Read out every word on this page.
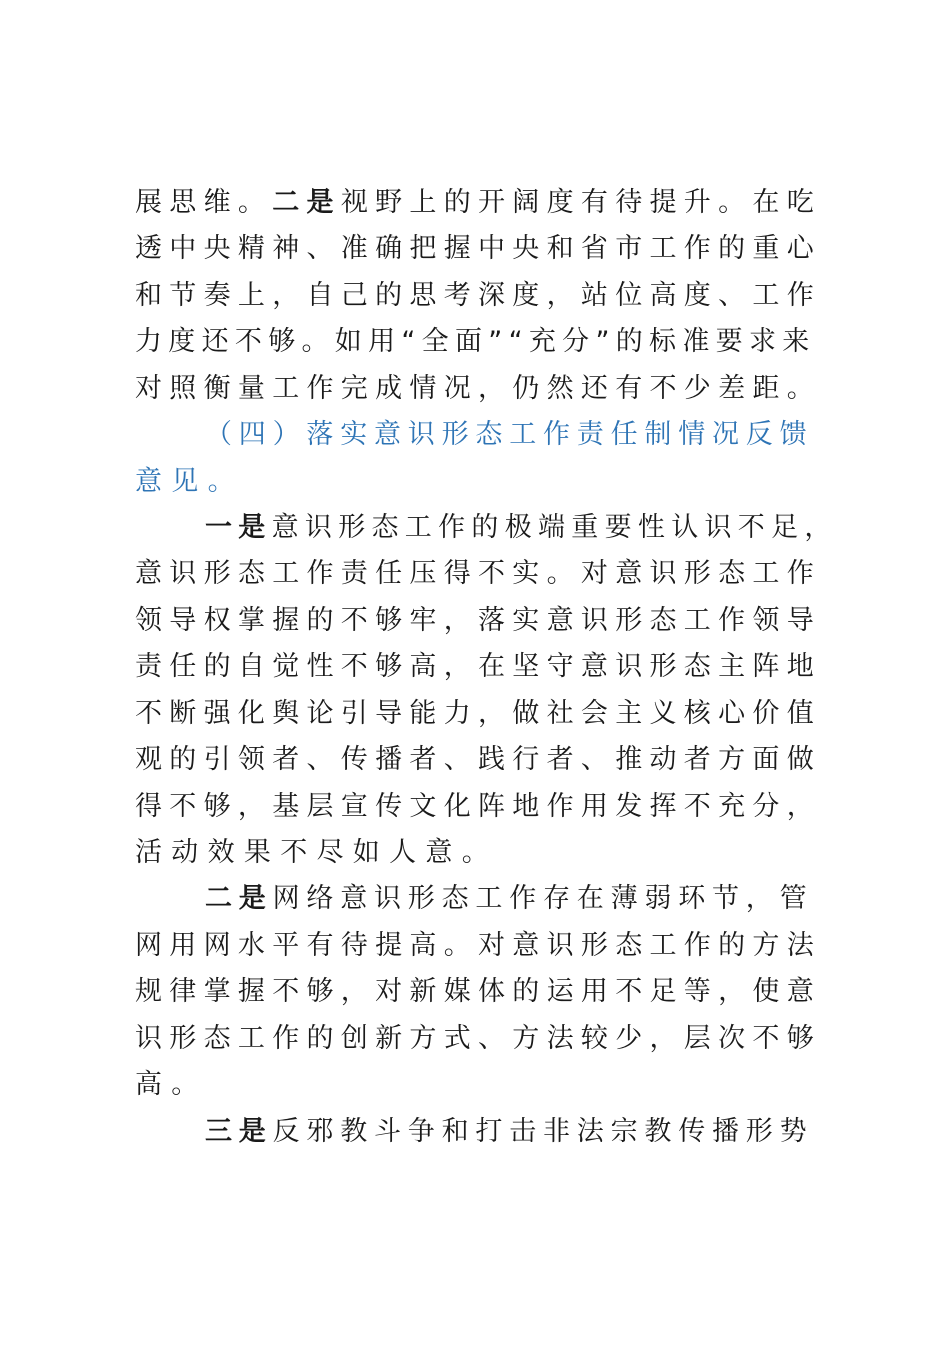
展思维。二是视野上的开阔度有待提升。在吃
透中央精神、准确把握中央和省市工作的重心
和节奏上，自己的思考深度，站位高度、工作
力度还不够。如用“全面”“充分”的标准要求来
对照衡量工作完成情况，仍然还有不少差距。
（四）落实意识形态工作责任制情况反馈
意见。
一是意识形态工作的极端重要性认识不足，
意识形态工作责任压得不实。对意识形态工作
领导权掌握的不够牢，落实意识形态工作领导
责任的自觉性不够高，在坚守意识形态主阵地
不断强化舆论引导能力，做社会主义核心价值
观的引领者、传播者、践行者、推动者方面做
得不够，基层宣传文化阵地作用发挥不充分，
活动效果不尽如人意。
二是网络意识形态工作存在薄弱环节，管
网用网水平有待提高。对意识形态工作的方法
规律掌握不够，对新媒体的运用不足等，使意
识形态工作的创新方式、方法较少，层次不够
高。
三是反邪教斗争和打击非法宗教传播形势
